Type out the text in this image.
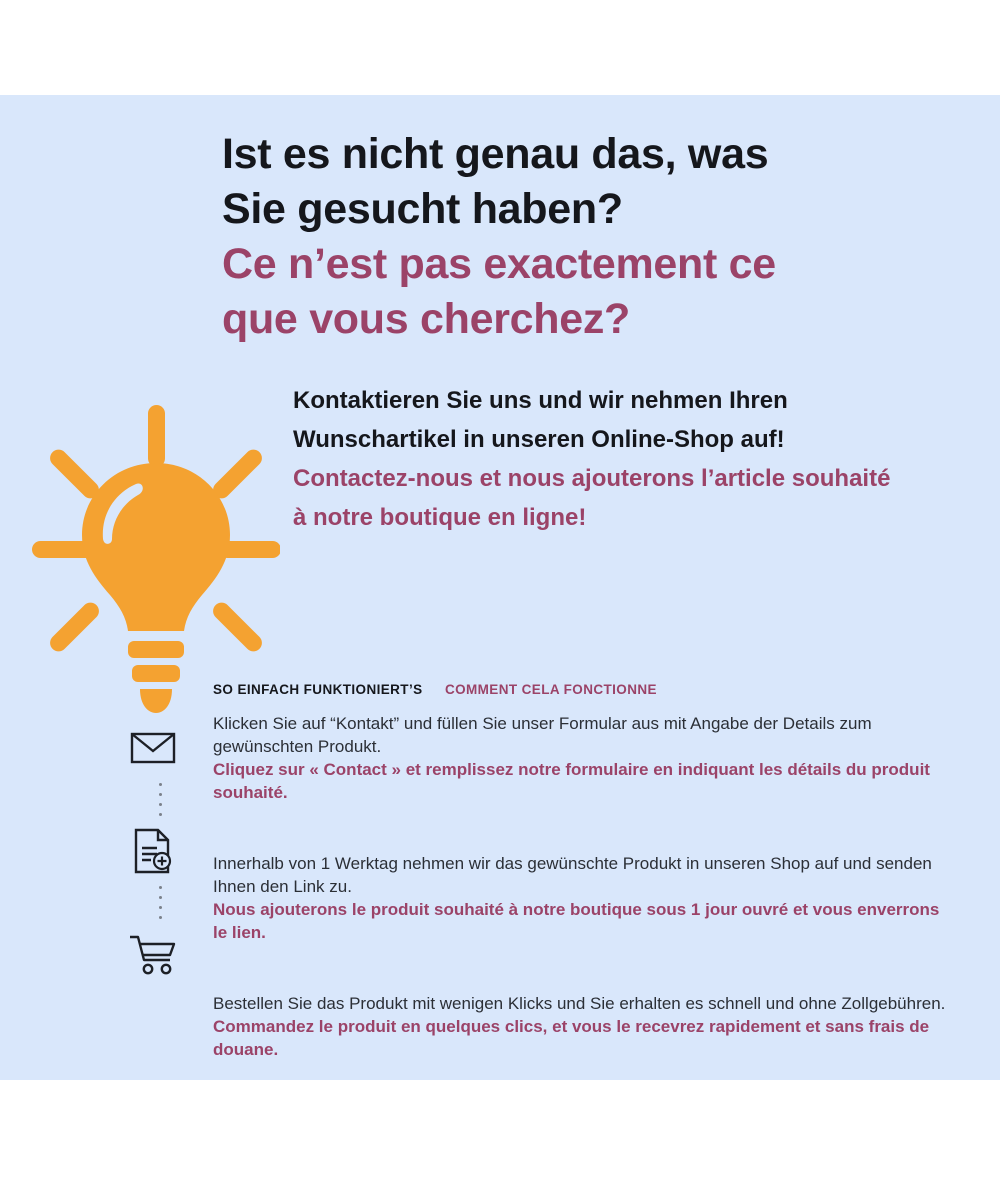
Ist es nicht genau das, was

Sie gesucht haben?

Ce n’est pas exactement ce

que vous cherchez?

Kontaktieren Sie uns und wir nehmen Ihren Wunschartikel in unseren Online-Shop auf!

Contactez-nous et nous ajouterons l’article souhaité à notre boutique en ligne!

SO EINFACH FUNKTIONIERT’S COMMENT CELA FONCTIONNE

Klicken Sie auf “Kontakt” und füllen Sie unser Formular aus mit Angabe der Details zum gewünschten Produkt.

Cliquez sur « Contact » et remplissez notre formulaire en indiquant les détails du produit souhaité.

Innerhalb von 1 Werktag nehmen wir das gewünschte Produkt in unseren Shop auf und senden Ihnen den Link zu.

Nous ajouterons le produit souhaité à notre boutique sous 1 jour ouvré et vous enverrons le lien.

Bestellen Sie das Produkt mit wenigen Klicks und Sie erhalten es schnell und ohne Zollgebühren.

Commandez le produit en quelques clics, et vous le recevrez rapidement et sans frais de douane.
